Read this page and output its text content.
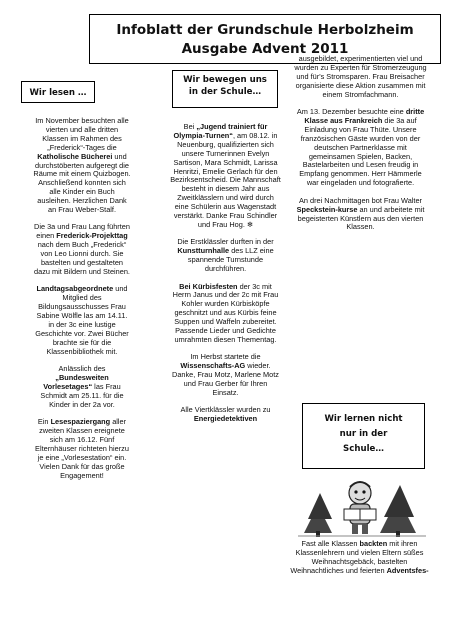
Infoblatt der Grundschule Herbolzheim
Ausgabe Advent 2011
Wir lesen …

Im November besuchten alle vierten und alle dritten Klassen im Rahmen des „Frederick“-Tages die Katholische Bücherei und durchstöberten aufgeregt die Räume mit einem Quizbogen. Anschließend konnten sich alle Kinder ein Buch ausleihen. Herzlichen Dank an Frau Weber-Stalf.

Die 3a und Frau Lang führten einen Frederick-Projekttag nach dem Buch „Frederick“ von Leo Lionni durch. Sie bastelten und gestalteten dazu mit Bildern und Steinen.

Landtagsabgeordnete und Mitglied des Bildungsausschusses Frau Sabine Wölfle las am 14.11. in der 3c eine lustige Geschichte vor. Zwei Bücher brachte sie für die Klassenbibliothek mit.

Anlässlich des „Bundesweiten Vorlesetages“ las Frau Schmidt am 25.11. für die Kinder in der 2a vor.

Ein Lesespaziergang aller zweiten Klassen ereignete sich am 16.12. Fünf Elternhäuser richteten hierzu je eine „Vorlesestation“ ein. Vielen Dank für das große Engagement!

Wir bewegen uns
in der Schule…

Bei „Jugend trainiert für Olympia-Turnen“, am 08.12. in Neuenburg, qualifizierten sich unsere Turnerinnen Evelyn Sartison, Mara Schmidt, Larissa Henritzi, Emelie Gerlach für den Bezirksentscheid. Die Mannschaft besteht in diesem Jahr aus Zweitklässlern und wird durch eine Schülerin aus Wagenstadt verstärkt. Danke Frau Schindler und Frau Hog. ❄

Die Erstklässler durften in der Kunstturnhalle des LLZ eine spannende Turnstunde durchführen.

Bei Kürbisfesten der 3c mit Herrn Janus und der 2c mit Frau Kohler wurden Kürbisköpfe geschnitzt und aus Kürbis feine Suppen und Waffeln zubereitet. Passende Lieder und Gedichte umrahmten diesen Thementag.

Im Herbst startete die Wissenschafts-AG wieder. Danke, Frau Motz, Marlene Motz und Frau Gerber für Ihren Einsatz.

Alle Viertklässler wurden zu Energiedetektiven

ausgebildet, experimentierten viel und wurden zu Experten für Stromerzeugung und für's Stromsparen. Frau Breisacher organisierte diese Aktion zusammen mit einem Stromfachmann.

Am 13. Dezember besuchte eine dritte Klasse aus Frankreich die 3a auf Einladung von Frau Thüte. Unsere französischen Gäste wurden von der deutschen Partnerklasse mit gemeinsamen Spielen, Backen, Bastelarbeiten und Lesen freudig in Empfang genommen. Herr Hämmerle war eingeladen und fotografierte.

An drei Nachmittagen bot Frau Walter Speckstein-kurse an und arbeitete mit begeisterten Künstlern aus den vierten Klassen.

Wir lernen nicht
nur in der
Schule…

Fast alle Klassen backten mit ihren Klassenlehrern und vielen Eltern süßes Weihnachtsgebäck, bastelten Weihnachtliches und feierten Adventsfes-
